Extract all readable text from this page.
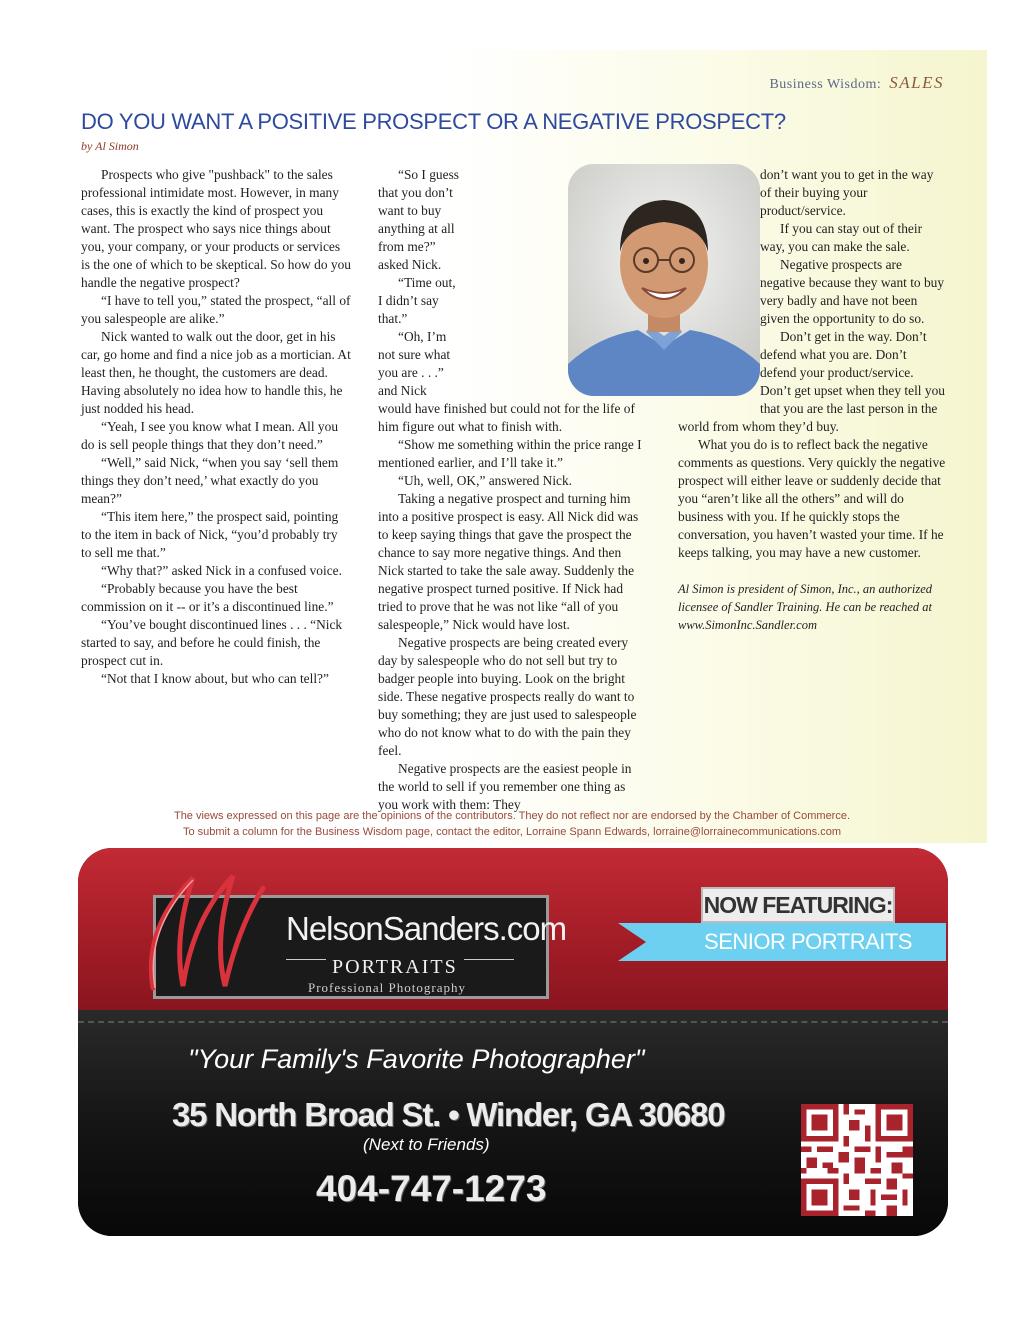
Business Wisdom: SALES
DO YOU WANT A POSITIVE PROSPECT OR A NEGATIVE PROSPECT?
by Al Simon

Prospects who give "pushback" to the sales professional intimidate most. However, in many cases, this is exactly the kind of prospect you want. The prospect who says nice things about you, your company, or your products or services is the one of which to be skeptical. So how do you handle the negative prospect?

“I have to tell you,” stated the prospect, “all of you salespeople are alike.”

Nick wanted to walk out the door, get in his car, go home and find a nice job as a mortician. At least then, he thought, the customers are dead. Having absolutely no idea how to handle this, he just nodded his head.

“Yeah, I see you know what I mean. All you do is sell people things that they don’t need.”

“Well,” said Nick, “when you say ‘sell them things they don’t need,’ what exactly do you mean?”

“This item here,” the prospect said, pointing to the item in back of Nick, “you’d probably try to sell me that.”

“Why that?” asked Nick in a confused voice.

“Probably because you have the best commission on it -- or it’s a discontinued line.”

“You’ve bought discontinued lines . . . “Nick started to say, and before he could finish, the prospect cut in.

“Not that I know about, but who can tell?”

“So I guess that you don’t want to buy anything at all from me?” asked Nick.

“Time out, I didn’t say that.”

“Oh, I’m not sure what you are . . .” and Nick would have finished but could not for the life of him figure out what to finish with.

“Show me something within the price range I mentioned earlier, and I’ll take it.”

“Uh, well, OK,” answered Nick.

Taking a negative prospect and turning him into a positive prospect is easy. All Nick did was to keep saying things that gave the prospect the chance to say more negative things. And then Nick started to take the sale away. Suddenly the negative prospect turned positive. If Nick had tried to prove that he was not like “all of you salespeople,” Nick would have lost.

Negative prospects are being created every day by salespeople who do not sell but try to badger people into buying. Look on the bright side. These negative prospects really do want to buy something; they are just used to salespeople who do not know what to do with the pain they feel.

Negative prospects are the easiest people in the world to sell if you remember one thing as you work with them: They

don’t want you to get in the way of their buying your product/service.

If you can stay out of their way, you can make the sale.

Negative prospects are negative because they want to buy very badly and have not been given the opportunity to do so.

Don’t get in the way. Don’t defend what you are. Don’t defend your product/service. Don’t get upset when they tell you that you are the last person in the world from whom they’d buy.

What you do is to reflect back the negative comments as questions. Very quickly the negative prospect will either leave or suddenly decide that you “aren’t like all the others” and will do business with you. If he quickly stops the conversation, you haven’t wasted your time. If he keeps talking, you may have a new customer.

Al Simon is president of Simon, Inc., an authorized licensee of Sandler Training. He can be reached at www.SimonInc.Sandler.com

The views expressed on this page are the opinions of the contributors. They do not reflect nor are endorsed by the Chamber of Commerce.
To submit a column for the Business Wisdom page, contact the editor, Lorraine Spann Edwards, lorraine@lorrainecommunications.com
NelsonSanders.com
PORTRAITS
Professional Photography
NOW FEATURING:
SENIOR PORTRAITS
"Your Family's Favorite Photographer"
35 North Broad St. • Winder, GA 30680
(Next to Friends)
404-747-1273
